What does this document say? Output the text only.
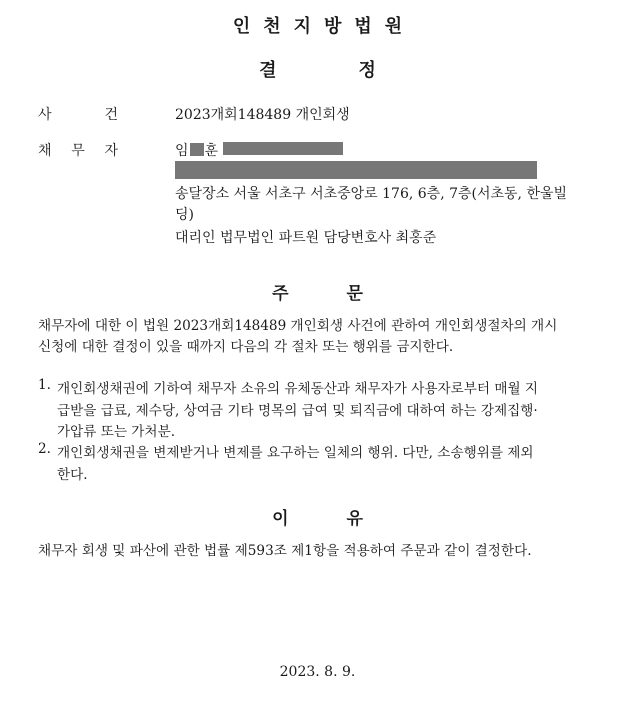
인천지방법원
결	정
사	건	2023개회148489 개인회생
채 무 자	임 훈
송달장소 서울 서초구 서초중앙로 176, 6층, 7층(서초동, 한울빌
딩)
대리인 법무법인 파트원 담당변호사 최홍준
주	문
채무자에 대한 이 법원 2023개회148489 개인회생 사건에 관하여 개인회생절차의 개시
신청에 대한 결정이 있을 때까지 다음의 각 절차 또는 행위를 금지한다.
1. 개인회생채권에 기하여 채무자 소유의 유체동산과 채무자가 사용자로부터 매월 지
급받을 급료, 제수당, 상여금 기타 명목의 급여 및 퇴직금에 대하여 하는 강제집행·
가압류 또는 가처분.
2. 개인회생채권을 변제받거나 변제를 요구하는 일체의 행위. 다만, 소송행위를 제외
한다.
이	유
채무자 회생 및 파산에 관한 법률 제593조 제1항을 적용하여 주문과 같이 결정한다.
2023. 8. 9.
